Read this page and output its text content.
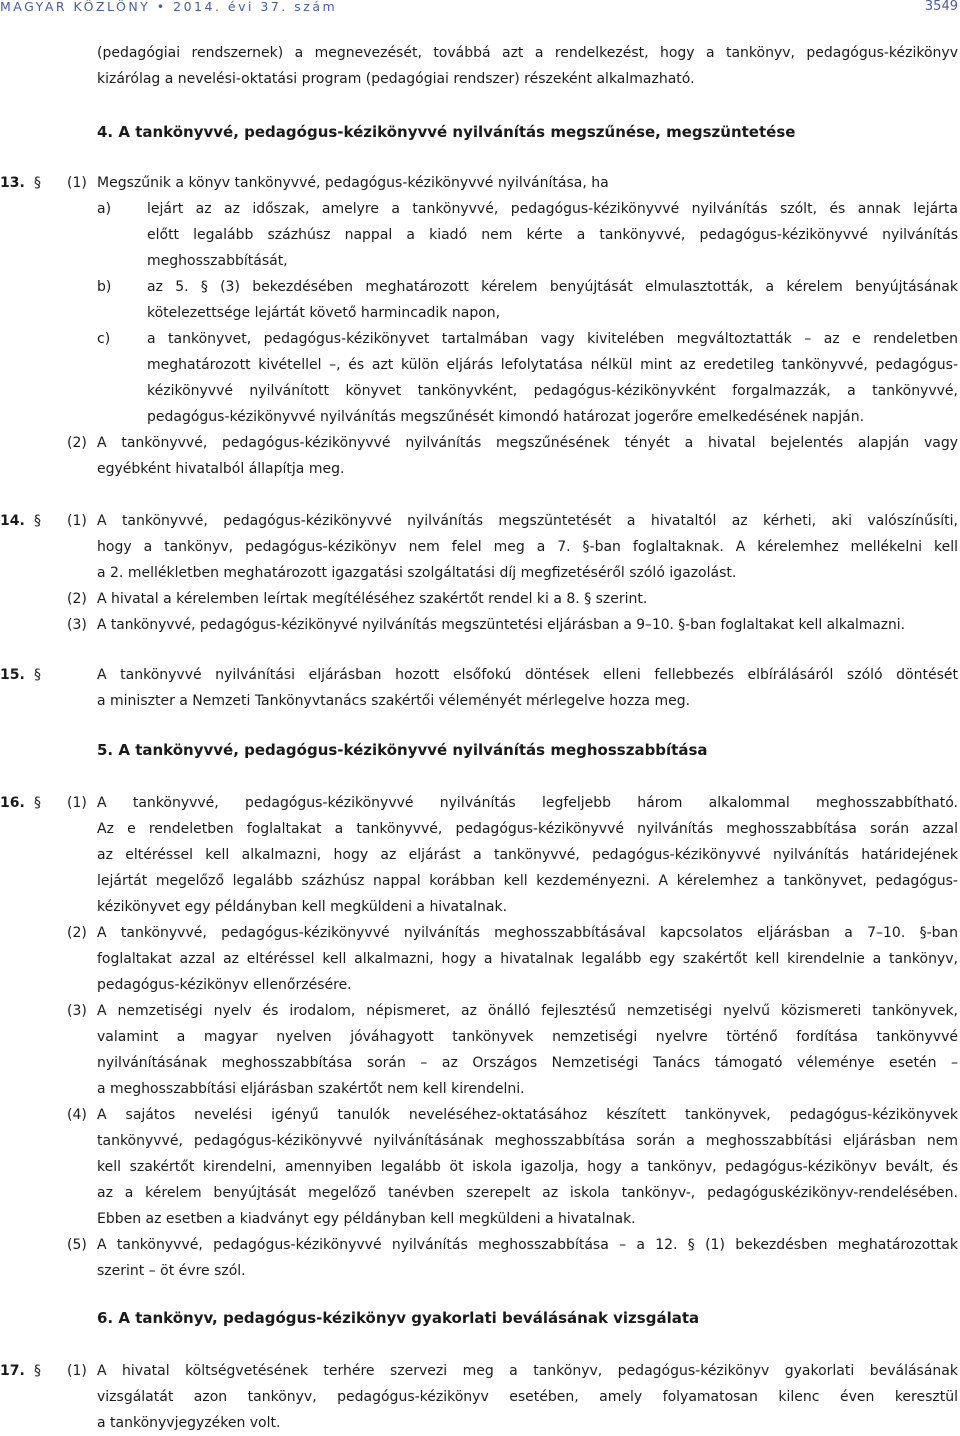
MAGYAR KÖZLÖNY • 2014. évi 37. szám	3549
(pedagógiai rendszernek) a megnevezését, továbbá azt a rendelkezést, hogy a tankönyv, pedagógus-kézikönyv
kizárólag a nevelési-oktatási program (pedagógiai rendszer) részeként alkalmazható.
4. A tankönyvvé, pedagógus-kézikönyvvé nyilvánítás megszűnése, megszüntetése
13. § (1) Megszűnik a könyv tankönyvvé, pedagógus-kézikönyvvé nyilvánítása, ha
a)	lejárt az az időszak, amelyre a tankönyvvé, pedagógus-kézikönyvvé nyilvánítás szólt, és annak lejárta
előtt legalább százhúsz nappal a kiadó nem kérte a tankönyvvé, pedagógus-kézikönyvvé nyilvánítás
meghosszabbítását,
b)	az 5. § (3) bekezdésében meghatározott kérelem benyújtását elmulasztották, a kérelem benyújtásának
kötelezettsége lejártát követő harmincadik napon,
c)	a tankönyvet, pedagógus-kézikönyvet tartalmában vagy kivitelében megváltoztatták – az e rendeletben
meghatározott kivétellel –, és azt külön eljárás lefolytatása nélkül mint az eredetileg tankönyvvé, pedagógus-
kézikönyvvé nyilvánított könyvet tankönyvként, pedagógus-kézikönyvként forgalmazzák, a tankönyvvé,
pedagógus-kézikönyvvé nyilvánítás megszűnését kimondó határozat jogerőre emelkedésének napján.
(2) A tankönyvvé, pedagógus-kézikönyvvé nyilvánítás megszűnésének tényét a hivatal bejelentés alapján vagy
egyébként hivatalból állapítja meg.
14. § (1) A tankönyvvé, pedagógus-kézikönyvvé nyilvánítás megszüntetését a hivataltól az kérheti, aki valószínűsíti,
hogy a tankönyv, pedagógus-kézikönyv nem felel meg a 7. §-ban foglaltaknak. A kérelemhez mellékelni kell
a 2. mellékletben meghatározott igazgatási szolgáltatási díj megfizetéséről szóló igazolást.
(2) A hivatal a kérelemben leírtak megítéléséhez szakértőt rendel ki a 8. § szerint.
(3) A tankönyvvé, pedagógus-kézikönyvé nyilvánítás megszüntetési eljárásban a 9–10. §-ban foglaltakat kell alkalmazni.
15. §	A tankönyvvé nyilvánítási eljárásban hozott elsőfokú döntések elleni fellebbezés elbírálásáról szóló döntését
a miniszter a Nemzeti Tankönyvtanács szakértői véleményét mérlegelve hozza meg.
5. A tankönyvvé, pedagógus-kézikönyvvé nyilvánítás meghosszabbítása
16. § (1) A tankönyvvé, pedagógus-kézikönyvvé nyilvánítás legfeljebb három alkalommal meghosszabbítható.
Az e rendeletben foglaltakat a tankönyvvé, pedagógus-kézikönyvvé nyilvánítás meghosszabbítása során azzal
az eltéréssel kell alkalmazni, hogy az eljárást a tankönyvvé, pedagógus-kézikönyvvé nyilvánítás határidejének
lejártát megelőző legalább százhúsz nappal korábban kell kezdeményezni. A kérelemhez a tankönyvet, pedagógus-
kézikönyvet egy példányban kell megküldeni a hivatalnak.
(2) A tankönyvvé, pedagógus-kézikönyvvé nyilvánítás meghosszabbításával kapcsolatos eljárásban a 7–10. §-ban
foglaltakat azzal az eltéréssel kell alkalmazni, hogy a hivatalnak legalább egy szakértőt kell kirendelnie a tankönyv,
pedagógus-kézikönyv ellenőrzésére.
(3) A nemzetiségi nyelv és irodalom, népismeret, az önálló fejlesztésű nemzetiségi nyelvű közismereti tankönyvek,
valamint a magyar nyelven jóváhagyott tankönyvek nemzetiségi nyelvre történő fordítása tankönyvvé
nyilvánításának meghosszabbítása során – az Országos Nemzetiségi Tanács támogató véleménye esetén –
a meghosszabbítási eljárásban szakértőt nem kell kirendelni.
(4) A sajátos nevelési igényű tanulók neveléséhez-oktatásához készített tankönyvek, pedagógus-kézikönyvek
tankönyvvé, pedagógus-kézikönyvvé nyilvánításának meghosszabbítása során a meghosszabbítási eljárásban nem
kell szakértőt kirendelni, amennyiben legalább öt iskola igazolja, hogy a tankönyv, pedagógus-kézikönyv bevált, és
az a kérelem benyújtását megelőző tanévben szerepelt az iskola tankönyv-, pedagóguskézikönyv-rendelésében.
Ebben az esetben a kiadványt egy példányban kell megküldeni a hivatalnak.
(5) A tankönyvvé, pedagógus-kézikönyvvé nyilvánítás meghosszabbítása – a 12. § (1) bekezdésben meghatározottak
szerint – öt évre szól.
6. A tankönyv, pedagógus-kézikönyv gyakorlati beválásának vizsgálata
17. § (1) A hivatal költségvetésének terhére szervezi meg a tankönyv, pedagógus-kézikönyv gyakorlati beválásának
vizsgálatát azon tankönyv, pedagógus-kézikönyv esetében, amely folyamatosan kilenc éven keresztül
a tankönyvjegyzéken volt.
